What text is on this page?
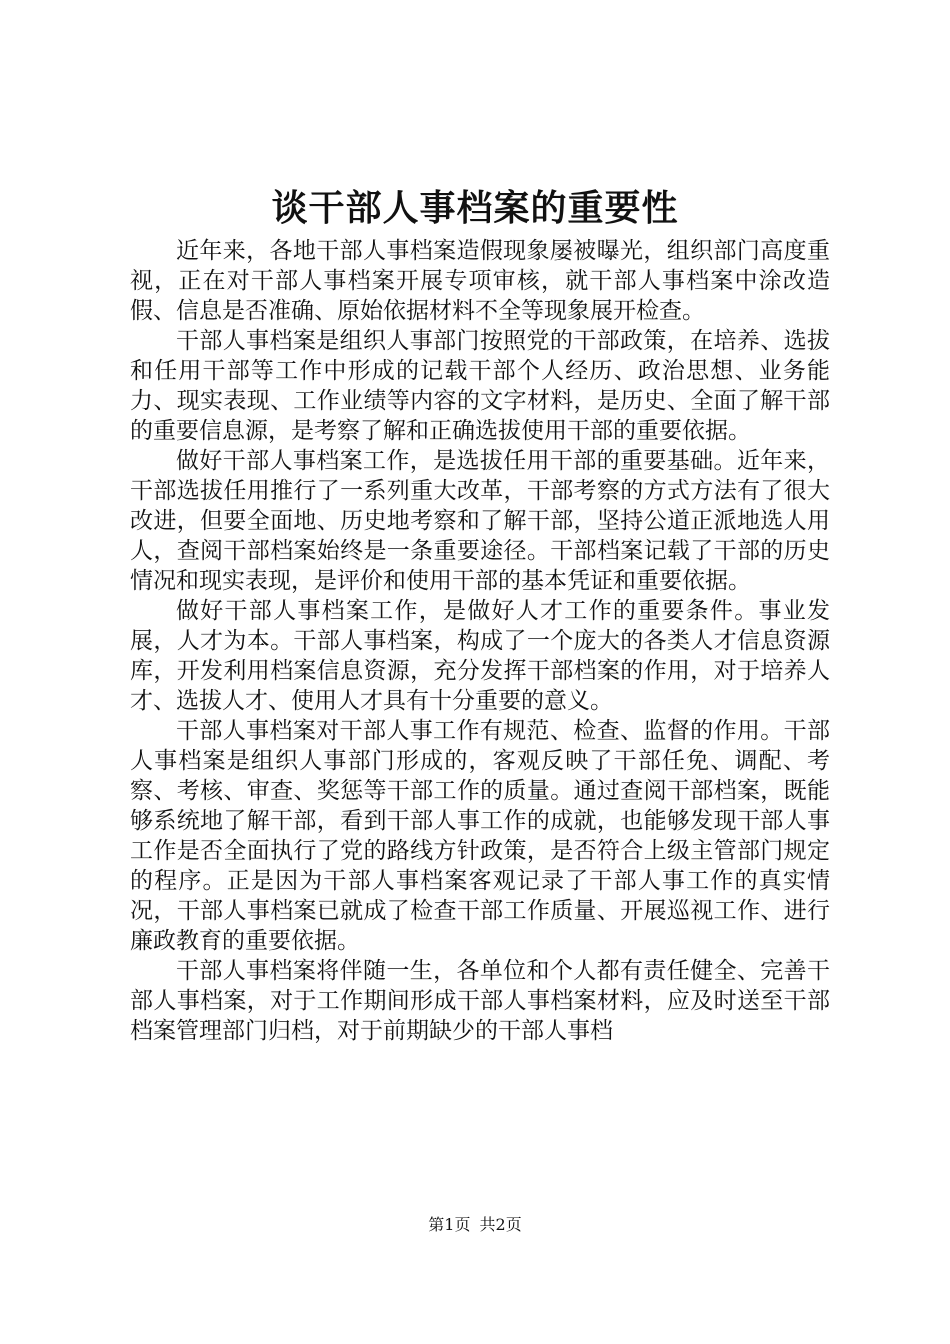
谈干部人事档案的重要性

近年来，各地干部人事档案造假现象屡被曝光，组织部门高度重视，正在对干部人事档案开展专项审核，就干部人事档案中涂改造假、信息是否准确、原始依据材料不全等现象展开检查。

干部人事档案是组织人事部门按照党的干部政策，在培养、选拔和任用干部等工作中形成的记载干部个人经历、政治思想、业务能力、现实表现、工作业绩等内容的文字材料，是历史、全面了解干部的重要信息源，是考察了解和正确选拔使用干部的重要依据。

做好干部人事档案工作，是选拔任用干部的重要基础。近年来，干部选拔任用推行了一系列重大改革，干部考察的方式方法有了很大改进，但要全面地、历史地考察和了解干部，坚持公道正派地选人用人，查阅干部档案始终是一条重要途径。干部档案记载了干部的历史情况和现实表现，是评价和使用干部的基本凭证和重要依据。

做好干部人事档案工作，是做好人才工作的重要条件。事业发展，人才为本。干部人事档案，构成了一个庞大的各类人才信息资源库，开发利用档案信息资源，充分发挥干部档案的作用，对于培养人才、选拔人才、使用人才具有十分重要的意义。

干部人事档案对干部人事工作有规范、检查、监督的作用。干部人事档案是组织人事部门形成的，客观反映了干部任免、调配、考察、考核、审查、奖惩等干部工作的质量。通过查阅干部档案，既能够系统地了解干部，看到干部人事工作的成就，也能够发现干部人事工作是否全面执行了党的路线方针政策，是否符合上级主管部门规定的程序。正是因为干部人事档案客观记录了干部人事工作的真实情况，干部人事档案已就成了检查干部工作质量、开展巡视工作、进行廉政教育的重要依据。

干部人事档案将伴随一生，各单位和个人都有责任健全、完善干部人事档案，对于工作期间形成干部人事档案材料，应及时送至干部档案管理部门归档，对于前期缺少的干部人事档

第1页 共2页
